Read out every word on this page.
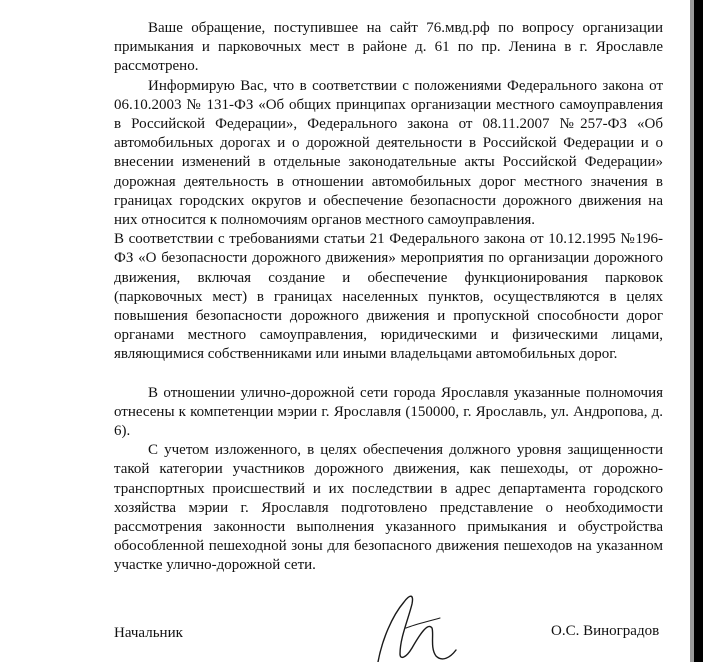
Ваше обращение, поступившее на сайт 76.мвд.рф по вопросу организации примыкания и парковочных мест в районе д. 61 по пр. Ленина в г. Ярославле рассмотрено.

Информирую Вас, что в соответствии с положениями Федерального закона от 06.10.2003 № 131-ФЗ «Об общих принципах организации местного самоуправления в Российской Федерации», Федерального закона от 08.11.2007 №257-ФЗ «Об автомобильных дорогах и о дорожной деятельности в Российской Федерации и о внесении изменений в отдельные законодательные акты Российской Федерации» дорожная деятельность в отношении автомобильных дорог местного значения в границах городских округов и обеспечение безопасности дорожного движения на них относится к полномочиям органов местного самоуправления.

В соответствии с требованиями статьи 21 Федерального закона от 10.12.1995 №196-ФЗ «О безопасности дорожного движения» мероприятия по организации дорожного движения, включая создание и обеспечение функционирования парковок (парковочных мест) в границах населенных пунктов, осуществляются в целях повышения безопасности дорожного движения и пропускной способности дорог органами местного самоуправления, юридическими и физическими лицами, являющимися собственниками или иными владельцами автомобильных дорог.

В отношении улично-дорожной сети города Ярославля указанные полномочия отнесены к компетенции мэрии г. Ярославля (150000, г. Ярославль, ул. Андропова, д. 6).

С учетом изложенного, в целях обеспечения должного уровня защищенности такой категории участников дорожного движения, как пешеходы, от дорожно-транспортных происшествий и их последствии в адрес департамента городского хозяйства мэрии г. Ярославля подготовлено представление о необходимости рассмотрения законности выполнения указанного примыкания и обустройства обособленной пешеходной зоны для безопасного движения пешеходов на указанном участке улично-дорожной сети.

Начальник	О.С. Виноградов
